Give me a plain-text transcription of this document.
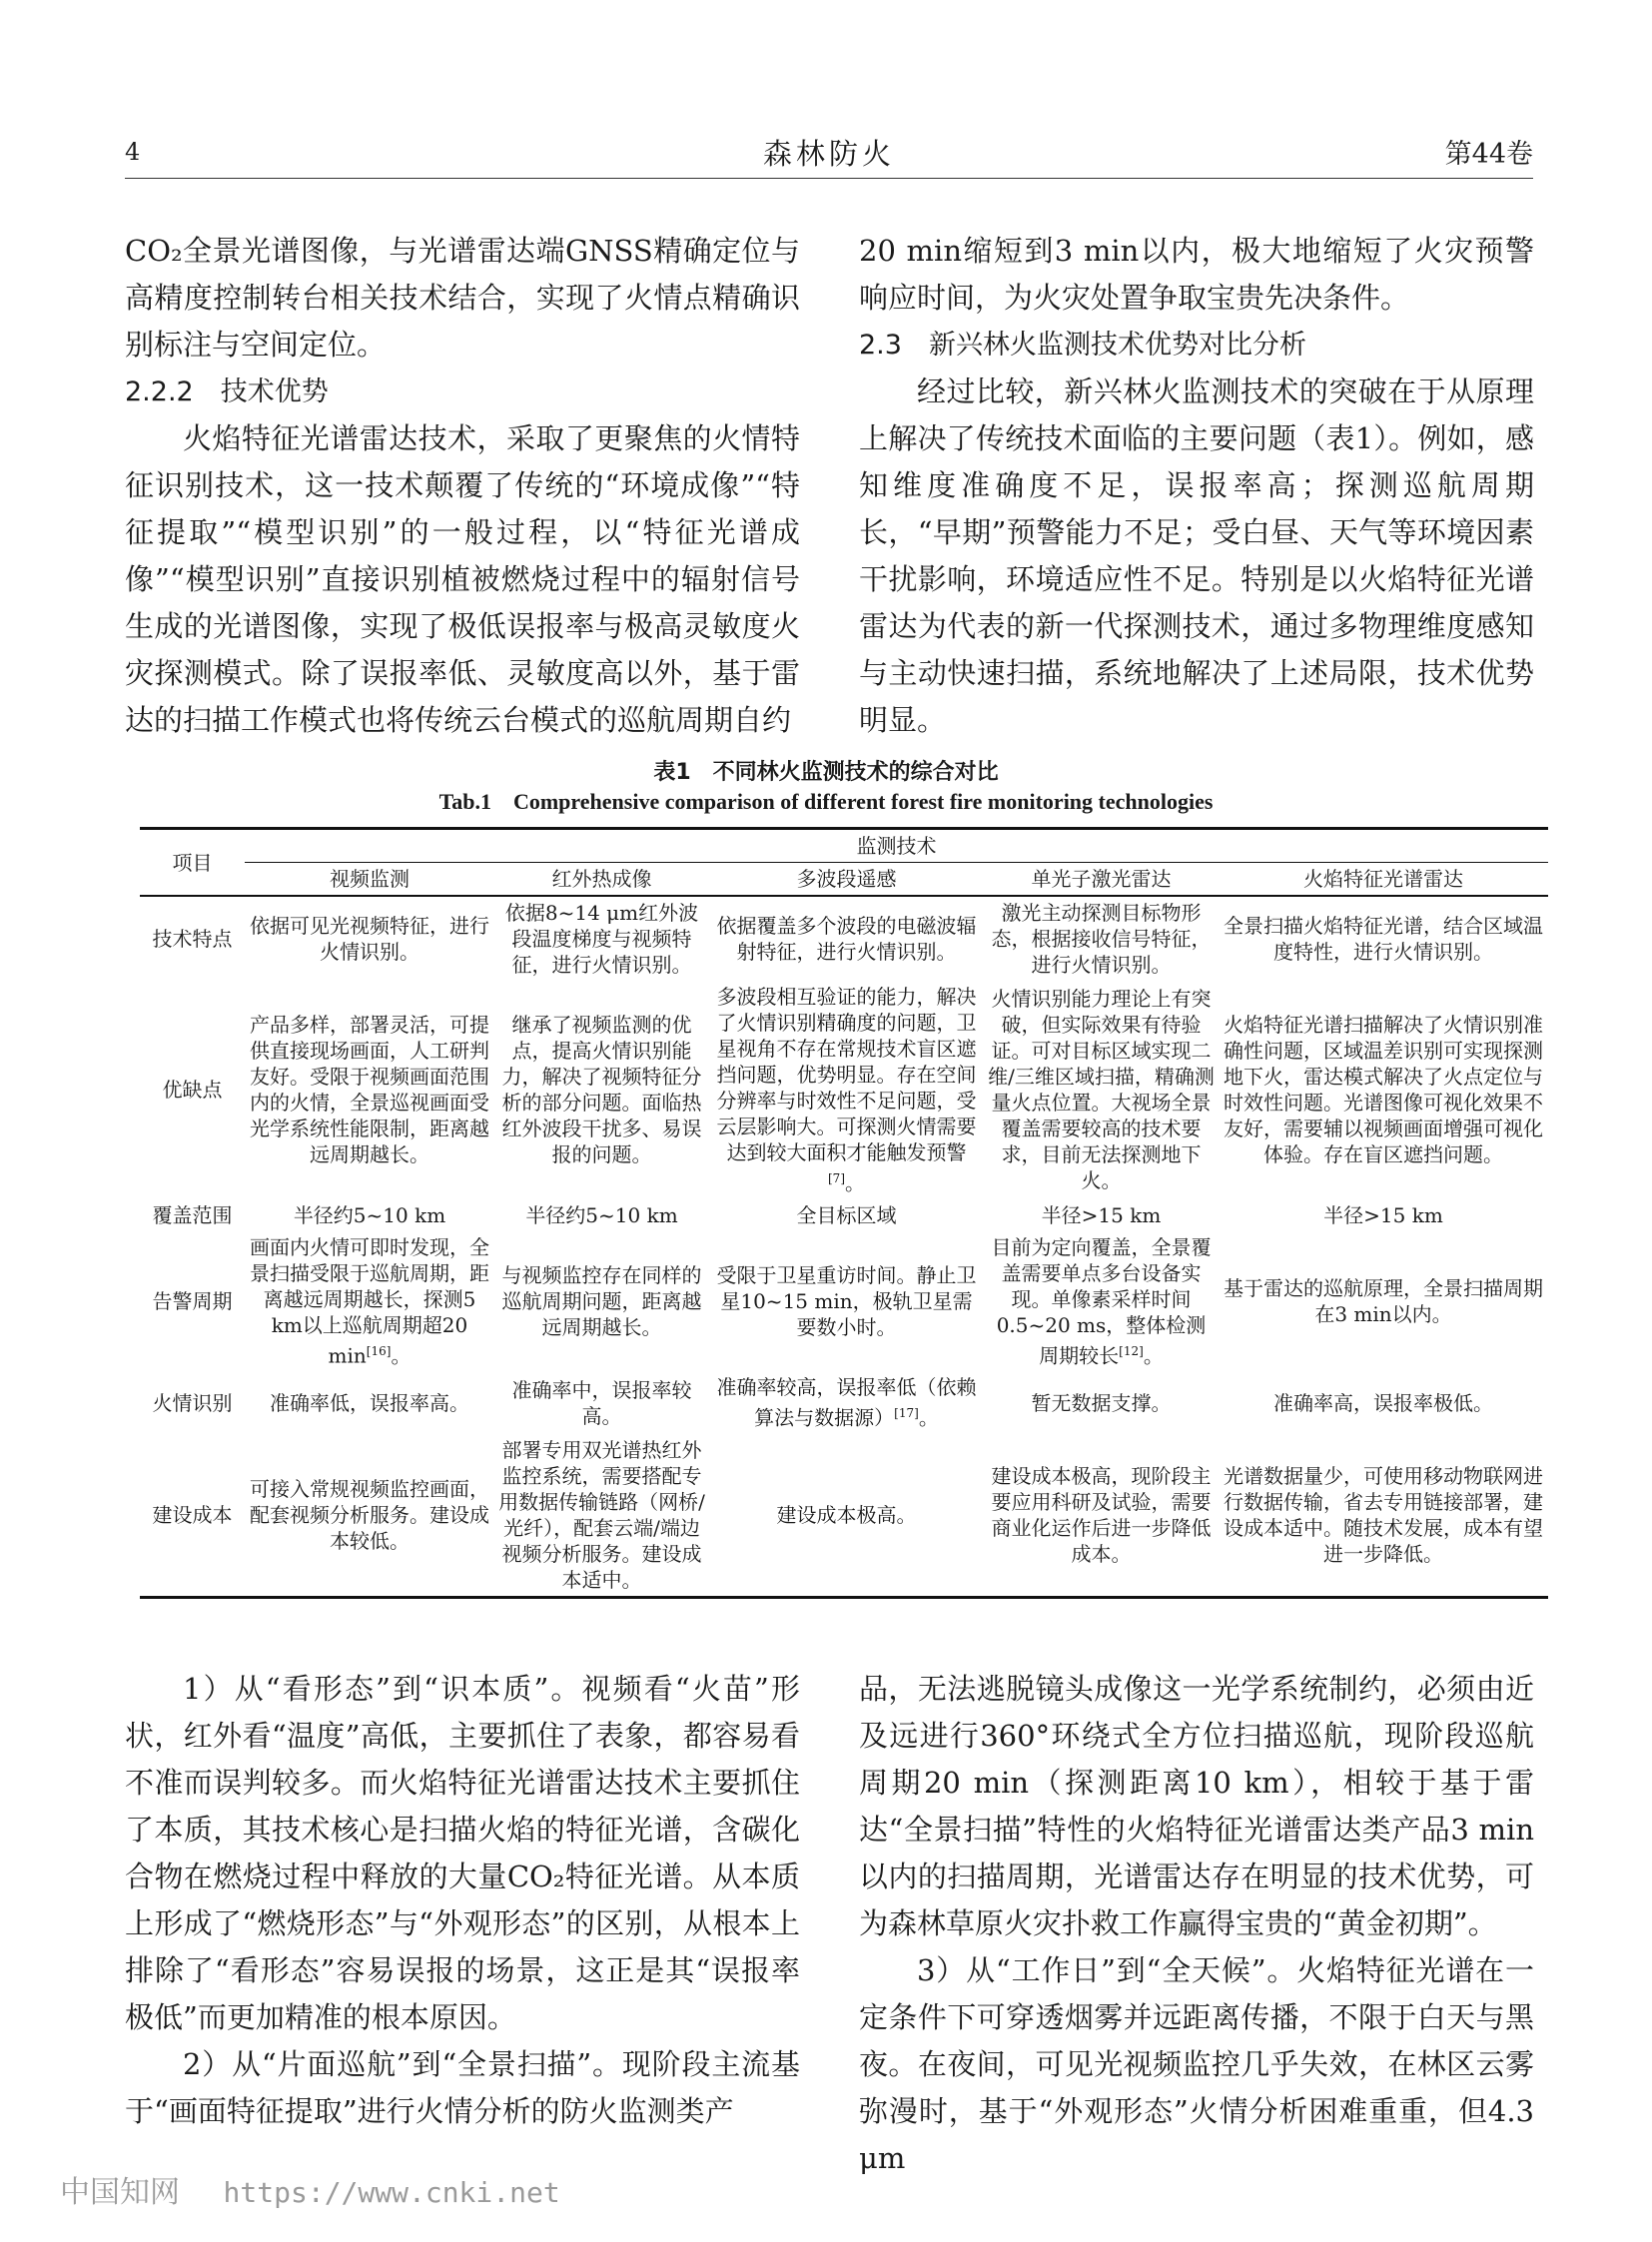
4	森林防火	第44卷

CO₂全景光谱图像，与光谱雷达端GNSS精确定位与高精度控制转台相关技术结合，实现了火情点精确识别标注与空间定位。

2.2.2　技术优势

火焰特征光谱雷达技术，采取了更聚焦的火情特征识别技术，这一技术颠覆了传统的“环境成像”“特征提取”“模型识别”的一般过程，以“特征光谱成像”“模型识别”直接识别植被燃烧过程中的辐射信号生成的光谱图像，实现了极低误报率与极高灵敏度火灾探测模式。除了误报率低、灵敏度高以外，基于雷达的扫描工作模式也将传统云台模式的巡航周期自约

20 min缩短到3 min以内，极大地缩短了火灾预警响应时间，为火灾处置争取宝贵先决条件。

2.3　新兴林火监测技术优势对比分析

经过比较，新兴林火监测技术的突破在于从原理上解决了传统技术面临的主要问题（表1）。例如，感知维度准确度不足，误报率高；探测巡航周期长，“早期”预警能力不足；受白昼、天气等环境因素干扰影响，环境适应性不足。特别是以火焰特征光谱雷达为代表的新一代探测技术，通过多物理维度感知与主动快速扫描，系统地解决了上述局限，技术优势明显。

表1　不同林火监测技术的综合对比
Tab.1　Comprehensive comparison of different forest fire monitoring technologies
项目	监测技术				
	视频监测	红外热成像	多波段遥感	单光子激光雷达	火焰特征光谱雷达
技术特点	依据可见光视频特征，进行火情识别。	依据8~14 μm红外波段温度梯度与视频特征，进行火情识别。	依据覆盖多个波段的电磁波辐射特征，进行火情识别。	激光主动探测目标物形态，根据接收信号特征，进行火情识别。	全景扫描火焰特征光谱，结合区域温度特性，进行火情识别。
优缺点	产品多样，部署灵活，可提供直接现场画面，人工研判友好。受限于视频画面范围内的火情，全景巡视画面受光学系统性能限制，距离越远周期越长。	继承了视频监测的优点，提高火情识别能力，解决了视频特征分析的部分问题。面临热红外波段干扰多、易误报的问题。	多波段相互验证的能力，解决了火情识别精确度的问题，卫星视角不存在常规技术盲区遮挡问题，优势明显。存在空间分辨率与时效性不足问题，受云层影响大。可探测火情需要达到较大面积才能触发预警[7]。	火情识别能力理论上有突破，但实际效果有待验证。可对目标区域实现二维/三维区域扫描，精确测量火点位置。大视场全景覆盖需要较高的技术要求，目前无法探测地下火。	火焰特征光谱扫描解决了火情识别准确性问题，区域温差识别可实现探测地下火，雷达模式解决了火点定位与时效性问题。光谱图像可视化效果不友好，需要辅以视频画面增强可视化体验。存在盲区遮挡问题。
覆盖范围	半径约5~10 km	半径约5~10 km	全目标区域	半径>15 km	半径>15 km
告警周期	画面内火情可即时发现，全景扫描受限于巡航周期，距离越远周期越长，探测5 km以上巡航周期超20 min[16]。	与视频监控存在同样的巡航周期问题，距离越远周期越长。	受限于卫星重访时间。静止卫星10~15 min，极轨卫星需要数小时。	目前为定向覆盖，全景覆盖需要单点多台设备实现。单像素采样时间0.5~20 ms，整体检测周期较长[12]。	基于雷达的巡航原理，全景扫描周期在3 min以内。
火情识别	准确率低，误报率高。	准确率中，误报率较高。	准确率较高，误报率低（依赖算法与数据源）[17]。	暂无数据支撑。	准确率高，误报率极低。
建设成本	可接入常规视频监控画面，配套视频分析服务。建设成本较低。	部署专用双光谱热红外监控系统，需要搭配专用数据传输链路（网桥/光纤），配套云端/端边视频分析服务。建设成本适中。	建设成本极高。	建设成本极高，现阶段主要应用科研及试验，需要商业化运作后进一步降低成本。	光谱数据量少，可使用移动物联网进行数据传输，省去专用链接部署，建设成本适中。随技术发展，成本有望进一步降低。

1）从“看形态”到“识本质”。视频看“火苗”形状，红外看“温度”高低，主要抓住了表象，都容易看不准而误判较多。而火焰特征光谱雷达技术主要抓住了本质，其技术核心是扫描火焰的特征光谱，含碳化合物在燃烧过程中释放的大量CO₂特征光谱。从本质上形成了“燃烧形态”与“外观形态”的区别，从根本上排除了“看形态”容易误报的场景，这正是其“误报率极低”而更加精准的根本原因。

2）从“片面巡航”到“全景扫描”。现阶段主流基于“画面特征提取”进行火情分析的防火监测类产

品，无法逃脱镜头成像这一光学系统制约，必须由近及远进行360°环绕式全方位扫描巡航，现阶段巡航周期20 min（探测距离10 km），相较于基于雷达“全景扫描”特性的火焰特征光谱雷达类产品3 min以内的扫描周期，光谱雷达存在明显的技术优势，可为森林草原火灾扑救工作赢得宝贵的“黄金初期”。

3）从“工作日”到“全天候”。火焰特征光谱在一定条件下可穿透烟雾并远距离传播，不限于白天与黑夜。在夜间，可见光视频监控几乎失效，在林区云雾弥漫时，基于“外观形态”火情分析困难重重，但4.3 μm

中国知网 https://www.cnki.net
